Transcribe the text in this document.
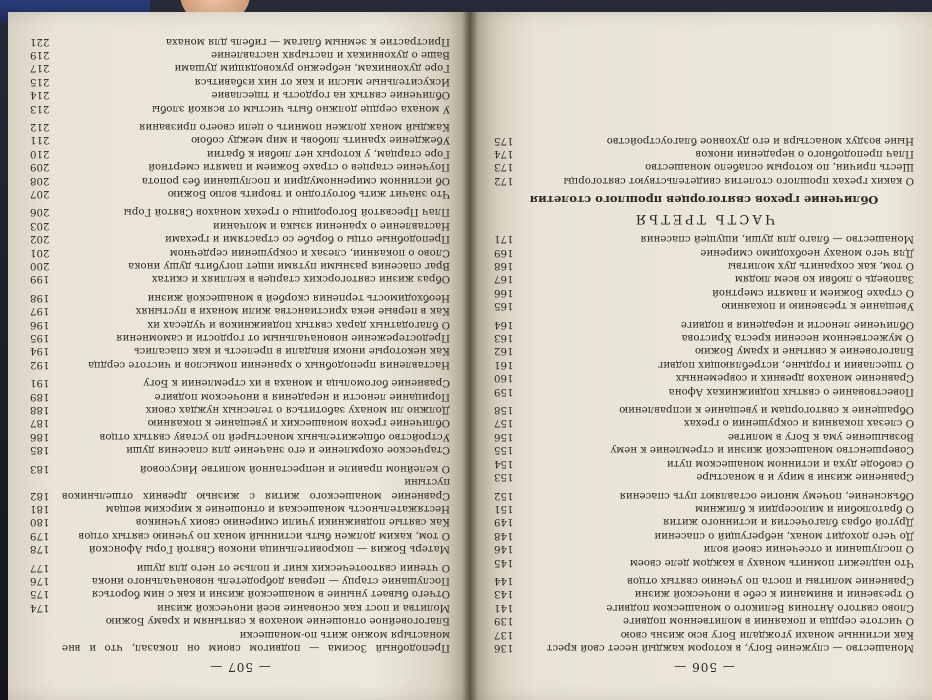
— 507 —
Преподобный Зосима — подвигом своим он показал, что и вне монастыря можно жить по-монашески
Благоговейное отношение монахов к святыням и храму Божию
Молитва и пост как основание всей иноческой жизни
174
Отчего бывает уныние в монашеской жизни и как с ним бороться
175
Послушание старцу — первая добродетель новоначального инока
176
О чтении святоотеческих книг и пользе от него для души
177
Матерь Божия — покровительница иноков Святой Горы Афонской
178
О том, каким должен быть истинный монах по учению святых отцов
179
Как святые подвижники учили смирению своих учеников
180
Нестяжательность монашеская и отношение к мирским вещам
181
Сравнение монашеского жития с жизнью древних отшельников пустыни
182
О келейном правиле и непрестанной молитве Иисусовой
183
Старческое окормление и его значение для спасения души
185
Устройство общежительных монастырей по уставу святых отцов
186
Обличение грехов монашеских и увещание к покаянию
187
Должно ли монаху заботиться о телесных нуждах своих
188
Порицание лености и нерадения в иноческом подвиге
189
Сравнение богомольца и монаха в их стремлении к Богу
191
Наставления преподобных о хранении помыслов и чистоте сердца
192
Как некоторые иноки впадали в прелесть и как спасались
194
Предостережение новоначальным от гордости и самомнения
195
О благодатных дарах святых подвижников и чудесах их
196
Как в первые века христианства жили монахи в пустынях
197
Необходимость терпения скорбей в монашеской жизни
198
Образ жизни святогорских старцев в келлиях и скитах
199
Враг спасения разными путями ищет погубить душу инока
200
Слово о покаянии, слезах и сокрушении сердечном
201
Преподобные отцы о борьбе со страстями и грехами
202
Наставление о хранении языка и молчании
203
Плач Пресвятой Богородицы о грехах монахов Святой Горы
206
Что значит жить богоугодно и творить волю Божию
207
Об истинном смиренномудрии и послушании без ропота
208
Поучение старцев о страхе Божием и памяти смертной
209
Горе старцам, у которых нет любви к братии
210
Убеждение хранить любовь и мир между собою
211
Каждый монах должен помнить о цели своего призвания
212
У монаха сердце должно быть чистым от всякой злобы
213
Обличение святых на гордость и тщеславие
214
Искусительные мысли и как от них избавиться
215
Горе духовникам, небрежно руководящим душами
217
Ваше о духовниках и пастырях наставление
219
Пристрастие к земным благам — гибель для монаха
221
— 506 —
Монашество — служение Богу, в котором каждый несет свой крест
136
Как истинные монахи угождали Богу всю жизнь свою
137
О чистоте сердца и покаянии в молитвенном подвиге
139
Слово святого Антония Великого о монашеском подвиге
141
О трезвении и внимании к себе в иноческой жизни
143
Сравнение молитвы и поста по учению святых отцов
144
Что надлежит помнить монаху в каждом деле своем
145
О послушании и отсечении своей воли
146
До чего доходит монах, небрегущий о спасении
148
Другой образ благочестия и истинного жития
149
О братолюбии и милосердии к ближним
151
Объяснение, почему многие оставляют путь спасения
152
Сравнение жизни в миру и в монастыре
153
О свободе духа и истинном монашеском пути
154
Совершенство монашеской жизни и стремление к нему
155
Возвышение ума к Богу в молитве
156
О слезах покаяния и сокрушении о грехах
157
Обращение к святогорцам и увещание к исправлению
158
Повествование о святых подвижниках Афона
159
Сравнение монахов древних и современных
160
О тщеславии и гордыне, истребляющих подвиг
161
Благоговение к святыне и храму Божию
162
О мужественном несении креста Христова
163
Обличение лености и нерадения в подвиге
164
Увещание к трезвению и покаянию
165
О страхе Божием и памяти смертной
166
Заповедь о любви ко всем людям
167
О том, как сохранить дух молитвы
168
Для чего монаху необходимо смирение
169
Монашество — благо для души, ищущей спасения
171
ЧАСТЬ ТРЕТЬЯ
Обличение грехов святогорцев прошлого столетия
О каких грехах прошлого столетия свидетельствуют святогорцы
172
Шесть причин, по которым ослабело монашество
173
Плач преподобного о нерадении иноков
174
Ныне воздух монастыря и его духовное благоустройство
175
